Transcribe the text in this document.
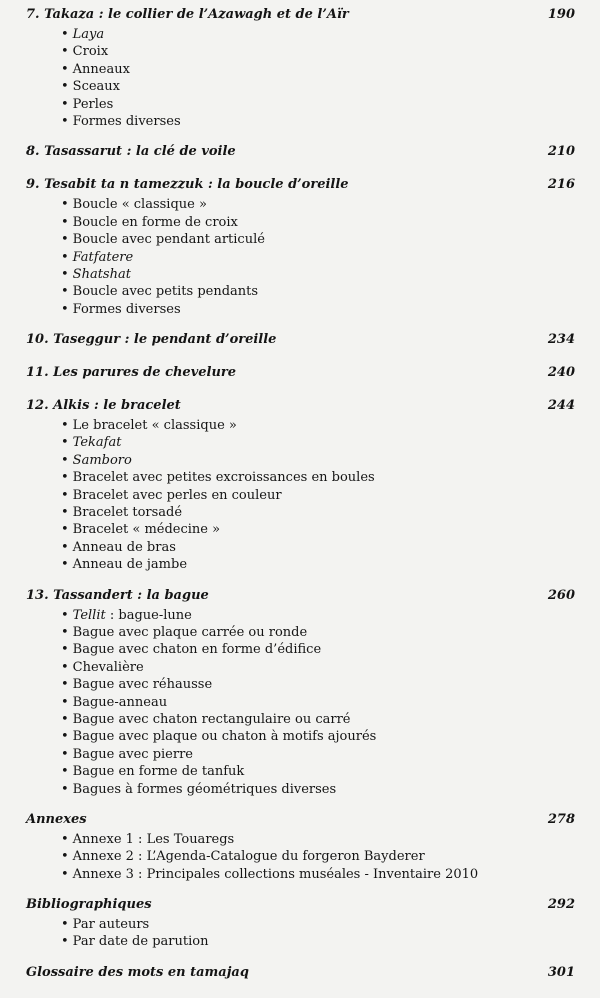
7. Takaza : le collier de l’Azawagh et de l’Aïr	190
• Laya
• Croix
• Anneaux
• Sceaux
• Perles
• Formes diverses
8. Tasassarut : la clé de voile	210
9. Tesabit ta n tamezzuk : la boucle d’oreille	216
• Boucle « classique »
• Boucle en forme de croix
• Boucle avec pendant articulé
• Fatfatere
• Shatshat
• Boucle avec petits pendants
• Formes diverses
10. Taseggur : le pendant d’oreille	234
11. Les parures de chevelure	240
12. Alkis : le bracelet	244
• Le bracelet « classique »
• Tekafat
• Samboro
• Bracelet avec petites excroissances en boules
• Bracelet avec perles en couleur
• Bracelet torsadé
• Bracelet « médecine »
• Anneau de bras
• Anneau de jambe
13. Tassandert : la bague	260
• Tellit : bague-lune
• Bague avec plaque carrée ou ronde
• Bague avec chaton en forme d’édifice
• Chevalière
• Bague avec réhausse
• Bague-anneau
• Bague avec chaton rectangulaire ou carré
• Bague avec plaque ou chaton à motifs ajourés
• Bague avec pierre
• Bague en forme de tanfuk
• Bagues à formes géométriques diverses
Annexes	278
• Annexe 1 : Les Touaregs
• Annexe 2 : L’Agenda-Catalogue du forgeron Bayderer
• Annexe 3 : Principales collections muséales - Inventaire 2010
Bibliographiques	292
• Par auteurs
• Par date de parution
Glossaire des mots en tamajaq	301
